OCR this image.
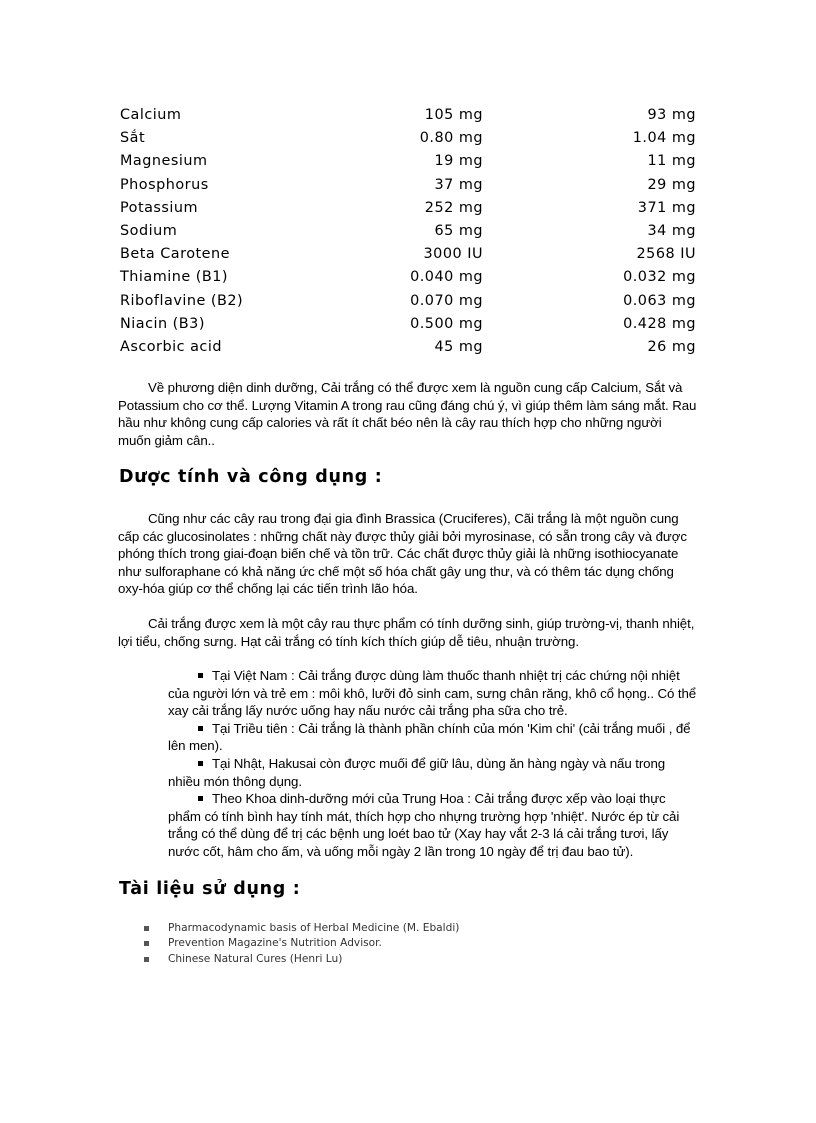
Calcium	105 mg	93 mg
Sắt	0.80 mg	1.04 mg
Magnesium	19 mg	11 mg
Phosphorus	37 mg	29 mg
Potassium	252 mg	371 mg
Sodium	65 mg	34 mg
Beta Carotene	3000 IU	2568 IU
Thiamine (B1)	0.040 mg	0.032 mg
Riboflavine (B2)	0.070 mg	0.063 mg
Niacin (B3)	0.500 mg	0.428 mg
Ascorbic acid	45 mg	26 mg

Về phương diện dinh dưỡng, Cải trắng có thể được xem là nguồn cung cấp Calcium, Sắt và Potassium cho cơ thể. Lượng Vitamin A trong rau cũng đáng chú ý, vì giúp thêm làm sáng mắt. Rau hầu như không cung cấp calories và rất ít chất béo nên là cây rau thích hợp cho những người muốn giảm cân..

Dược tính và công dụng :

Cũng như các cây rau trong đại gia đình Brassica (Cruciferes), Cãi trắng là một nguồn cung cấp các glucosinolates : những chất này được thủy giải bởi myrosinase, có sẵn trong cây và được phóng thích trong giai-đoạn biến chế và tồn trữ. Các chất được thủy giải là những isothiocyanate như sulforaphane có khả năng ức chế một số hóa chất gây ung thư, và có thêm tác dụng chống oxy-hóa giúp cơ thể chống lại các tiến trình lão hóa.

Cải trắng được xem là một cây rau thực phẩm có tính dưỡng sinh, giúp trường-vị, thanh nhiệt, lợi tiểu, chống sưng. Hạt cải trắng có tính kích thích giúp dễ tiêu, nhuận trường.

Tại Việt Nam : Cải trắng được dùng làm thuốc thanh nhiệt trị các chứng nội nhiệt của người lớn và trẻ em : môi khô, lưỡi đỏ sinh cam, sưng chân răng, khô cổ họng.. Có thể xay cải trắng lấy nước uống hay nấu nước cải trắng pha sữa cho trẻ.
Tại Triều tiên : Cải trắng là thành phần chính của món 'Kim chi' (cải trắng muối , để lên men).
Tại Nhật, Hakusai còn được muối để giữ lâu, dùng ăn hàng ngày và nấu trong nhiều món thông dụng.
Theo Khoa dinh-dưỡng mới của Trung Hoa : Cải trắng được xếp vào loại thực phẩm có tính bình hay tính mát, thích hợp cho nhựng trường hợp 'nhiệt'. Nước ép từ cải trắng có thể dùng để trị các bệnh ung loét bao tử (Xay hay vắt 2-3 lá cải trắng tươi, lấy nước cốt, hâm cho ấm, và uống mỗi ngày 2 lần trong 10 ngày để trị đau bao tử).
Tài liệu sử dụng :
Pharmacodynamic basis of Herbal Medicine (M. Ebaldi)
Prevention Magazine's Nutrition Advisor.
Chinese Natural Cures (Henri Lu)
